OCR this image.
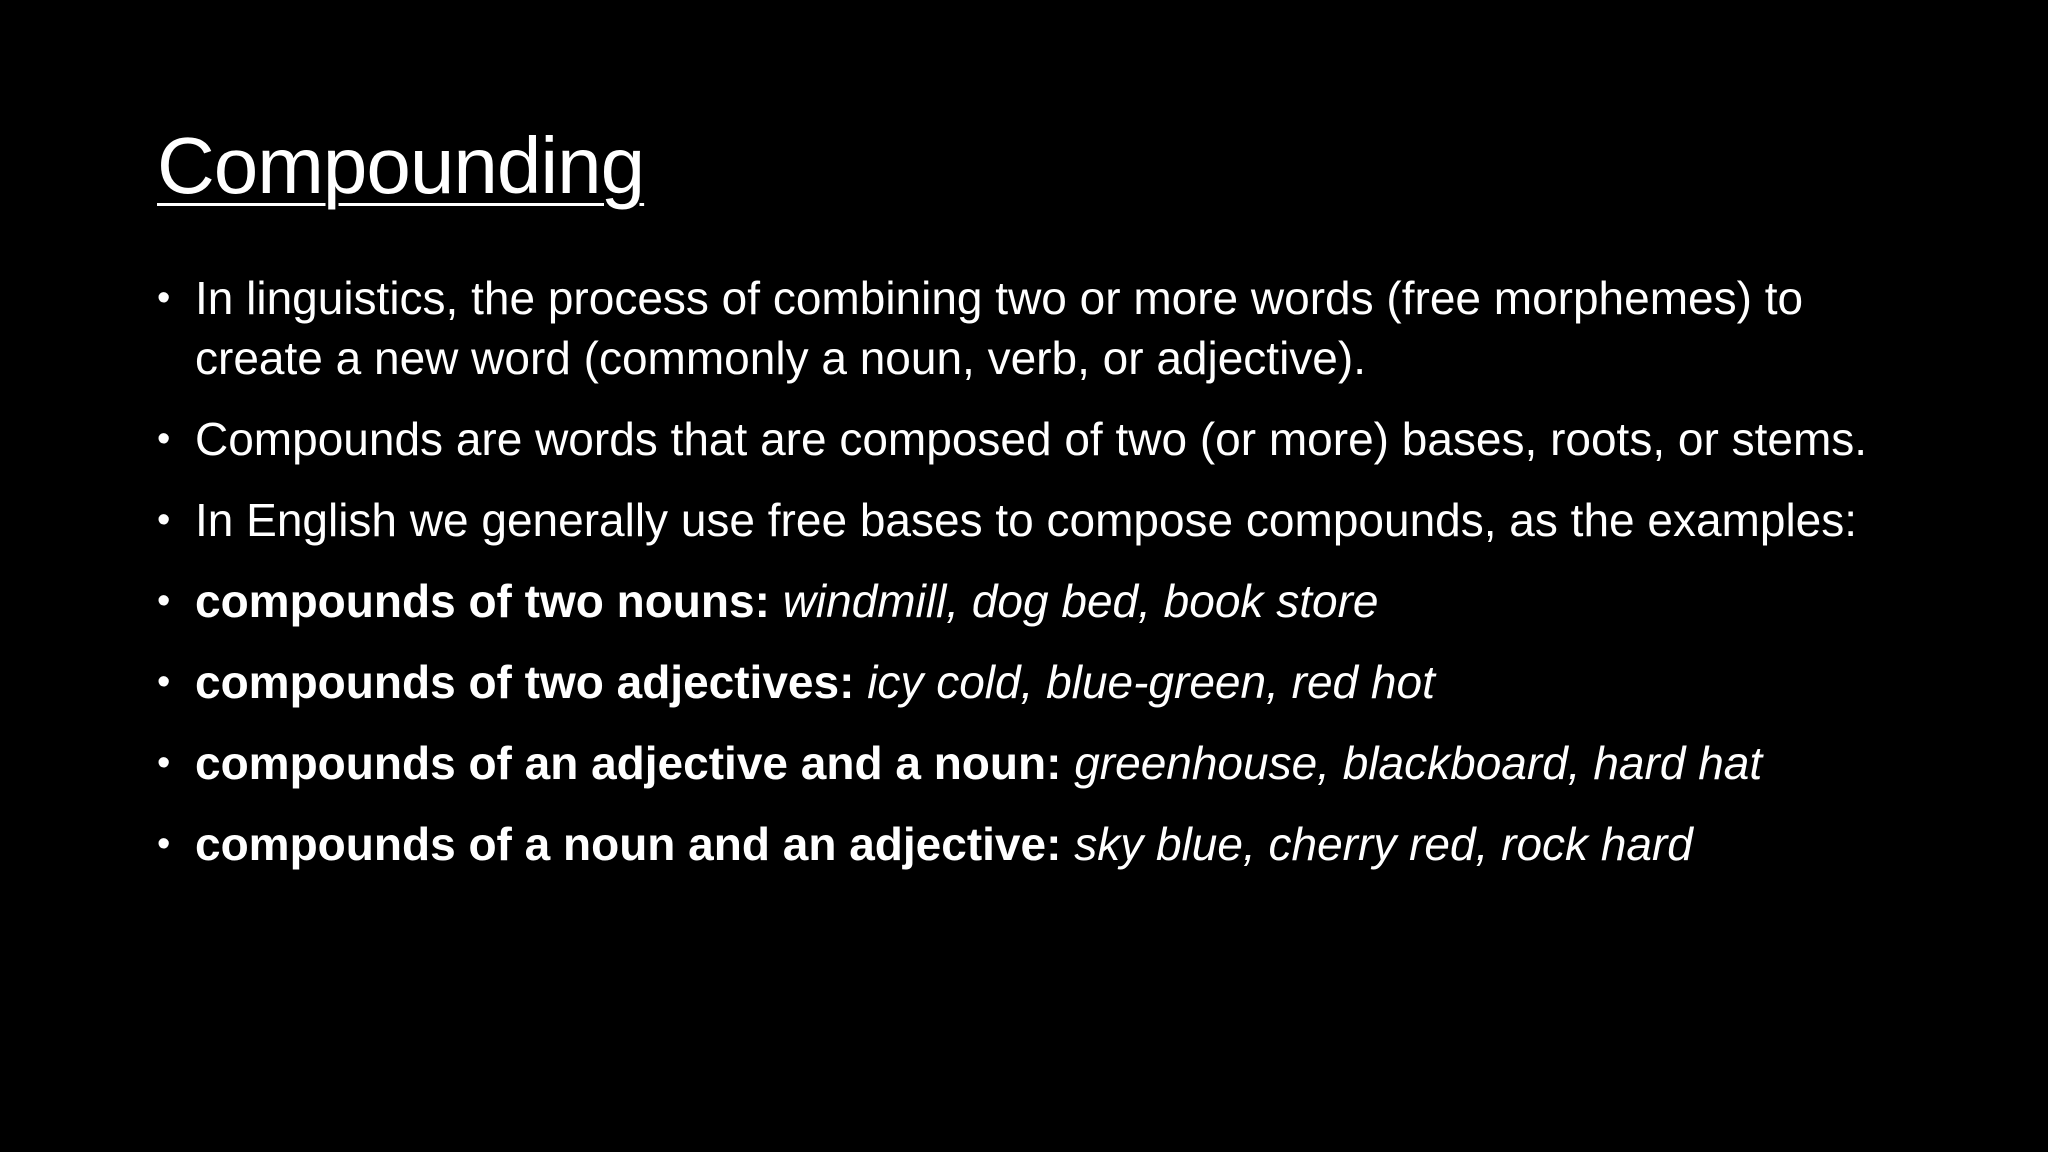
Compounding
• In linguistics, the process of combining two or more words (free morphemes) to create a new word (commonly a noun, verb, or adjective).
• Compounds are words that are composed of two (or more) bases, roots, or stems.
• In English we generally use free bases to compose compounds, as the examples:
• compounds of two nouns: windmill, dog bed, book store
• compounds of two adjectives: icy cold, blue-green, red hot
• compounds of an adjective and a noun: greenhouse, blackboard, hard hat
• compounds of a noun and an adjective: sky blue, cherry red, rock hard
